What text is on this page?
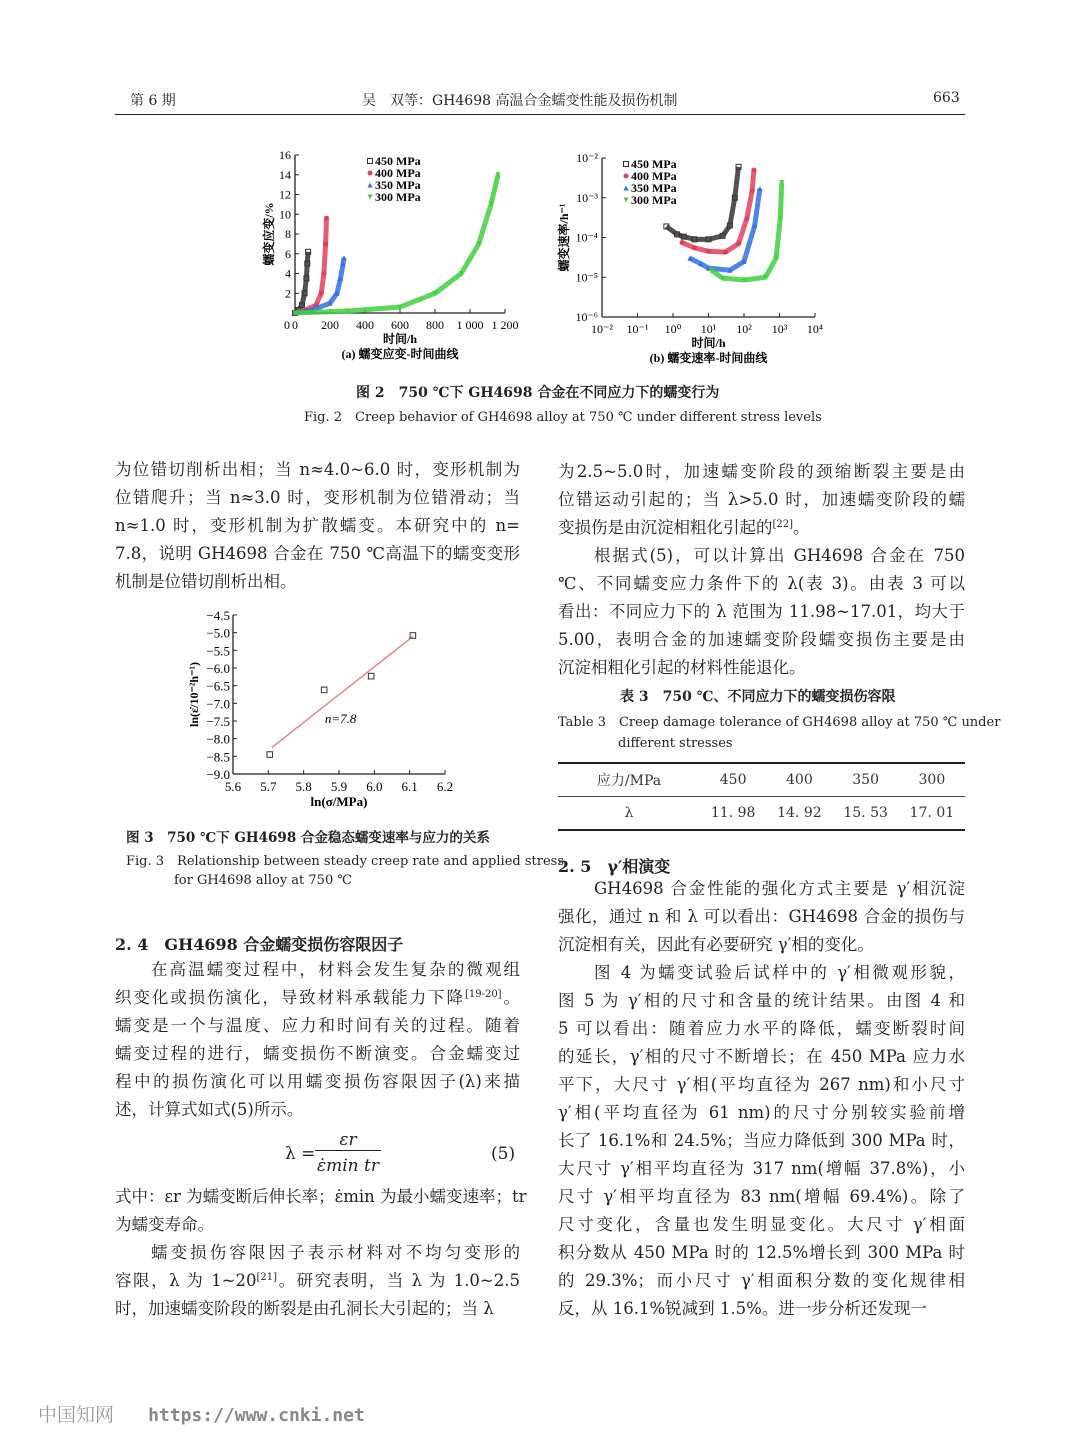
第 6 期	吴　双等：GH4698 高温合金蠕变性能及损伤机制	663
0 200 400 600 800 1 000 1 200
2
4
6
8
10
12
14
16
0
450 MPa
400 MPa
350 MPa
300 MPa
时间/h
(a) 蠕变应变-时间曲线
蠕变应变/%
10⁻² 10⁻¹ 10⁰ 10¹ 10² 10³ 10⁴
10⁻⁶
10⁻⁵
10⁻⁴
10⁻³
10⁻²	450 MPa
400 MPa
350 MPa
300 MPa
时间/h
(b) 蠕变速率-时间曲线
蠕变速率/h⁻¹
图 2　750 ℃下 GH4698 合金在不同应力下的蠕变行为
Fig. 2　Creep behavior of GH4698 alloy at 750 ℃ under different stress levels
5.6 5.7 5.8 5.9 6.0 6.1 6.2
−4.5
−5.0
−5.5
−6.0
−6.5
−7.0
−7.5
−8.0
−8.5
−9.0
n=7.8
ln(σ/MPa)
ln(ε̇/10⁻²h⁻¹)
图 3　750 ℃下 GH4698 合金稳态蠕变速率与应力的关系
Fig. 3　Relationship between steady creep rate and applied stress
for GH4698 alloy at 750 ℃
2. 4　GH4698 合金蠕变损伤容限因子
λ =
εr
ε̇min tr
(5)
表 3　750 ℃、不同应力下的蠕变损伤容限
Table 3　Creep damage tolerance of GH4698 alloy at 750 ℃ under
different stresses
应力/MPa	450	400	350	300
λ	11. 98	14. 92	15. 53	17. 01
2. 5　γ′相演变
中国知网 https://www.cnki.net
为位错切削析出相；当 n≈4.0~6.0 时，变形机制为
位错爬升；当 n≈3.0 时，变形机制为位错滑动；当
n≈1.0 时，变形机制为扩散蠕变。本研究中的 n=
7.8，说明 GH4698 合金在 750 ℃高温下的蠕变变形
机制是位错切削析出相。
在高温蠕变过程中，材料会发生复杂的微观组
织变化或损伤演化，导致材料承载能力下降[19-20]。
蠕变是一个与温度、应力和时间有关的过程。随着
蠕变过程的进行，蠕变损伤不断演变。合金蠕变过
程中的损伤演化可以用蠕变损伤容限因子(λ)来描
述，计算式如式(5)所示。
式中：εr 为蠕变断后伸长率；ε̇min 为最小蠕变速率；tr
为蠕变寿命。
蠕变损伤容限因子表示材料对不均匀变形的
容限，λ 为 1~20[21]。研究表明，当 λ 为 1.0~2.5
时，加速蠕变阶段的断裂是由孔洞长大引起的；当 λ
为2.5~5.0时，加速蠕变阶段的颈缩断裂主要是由
位错运动引起的；当 λ>5.0 时，加速蠕变阶段的蠕
变损伤是由沉淀相粗化引起的[22]。
根据式(5)，可以计算出 GH4698 合金在 750
℃、不同蠕变应力条件下的 λ(表 3)。由表 3 可以
看出：不同应力下的 λ 范围为 11.98~17.01，均大于
5.00，表明合金的加速蠕变阶段蠕变损伤主要是由
沉淀相粗化引起的材料性能退化。
GH4698 合金性能的强化方式主要是 γ′相沉淀
强化，通过 n 和 λ 可以看出：GH4698 合金的损伤与
沉淀相有关，因此有必要研究 γ′相的变化。
图 4 为蠕变试验后试样中的 γ′相微观形貌，
图 5 为 γ′相的尺寸和含量的统计结果。由图 4 和
5 可以看出：随着应力水平的降低，蠕变断裂时间
的延长，γ′相的尺寸不断增长；在 450 MPa 应力水
平下，大尺寸 γ′相(平均直径为 267 nm)和小尺寸
γ′相(平均直径为 61 nm)的尺寸分别较实验前增
长了 16.1%和 24.5%；当应力降低到 300 MPa 时，
大尺寸 γ′相平均直径为 317 nm(增幅 37.8%)，小
尺寸 γ′相平均直径为 83 nm(增幅 69.4%)。除了
尺寸变化，含量也发生明显变化。大尺寸 γ′相面
积分数从 450 MPa 时的 12.5%增长到 300 MPa 时
的 29.3%；而小尺寸 γ′相面积分数的变化规律相
反，从 16.1%锐减到 1.5%。进一步分析还发现一
